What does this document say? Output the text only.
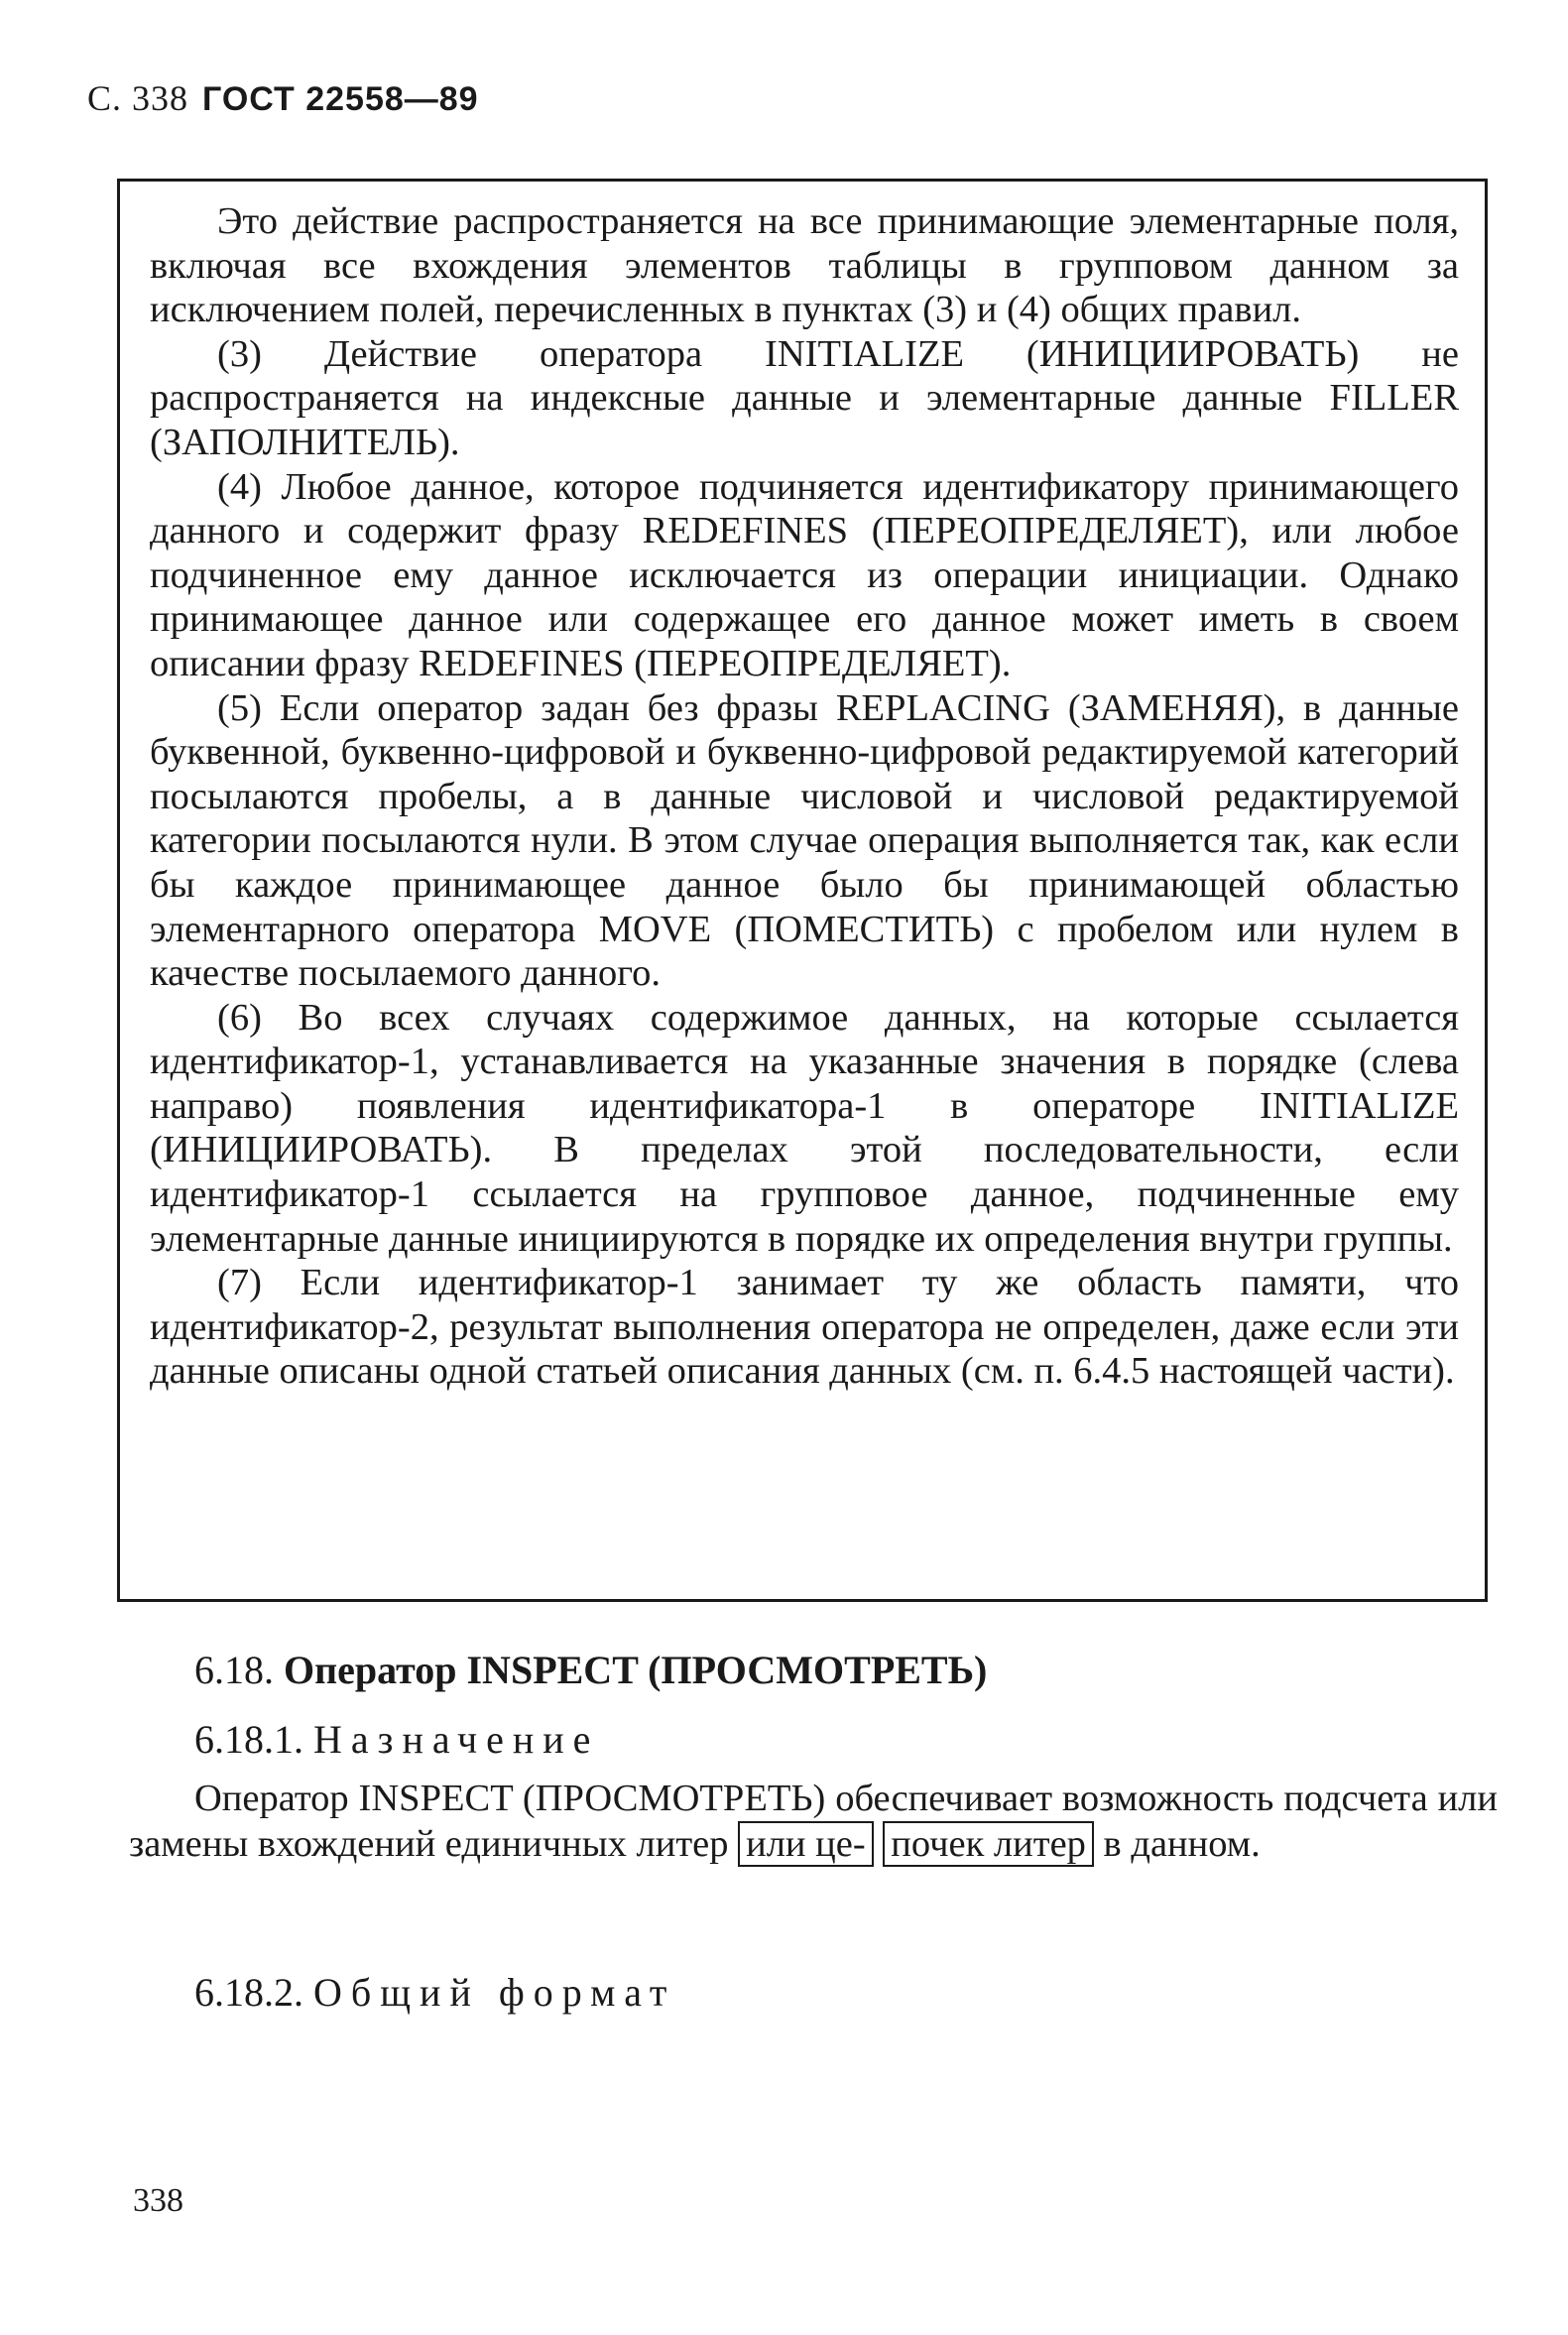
С. 338 ГОСТ 22558—89

Это действие распространяется на все принимающие элементарные поля, включая все вхождения элементов таблицы в групповом данном за исключением полей, перечисленных в пунктах (3) и (4) общих правил.

(3) Действие оператора INITIALIZE (ИНИЦИИРОВАТЬ) не распространяется на индексные данные и элементарные данные FILLER (ЗАПОЛНИТЕЛЬ).

(4) Любое данное, которое подчиняется идентификатору принимающего данного и содержит фразу REDEFINES (ПЕРЕОПРЕДЕЛЯЕТ), или любое подчиненное ему данное исключается из операции инициации. Однако принимающее данное или содержащее его данное может иметь в своем описании фразу REDEFINES (ПЕРЕОПРЕДЕЛЯЕТ).

(5) Если оператор задан без фразы REPLACING (ЗАМЕНЯЯ), в данные буквенной, буквенно-цифровой и буквенно-цифровой редактируемой категорий посылаются пробелы, а в данные числовой и числовой редактируемой категории посылаются нули. В этом случае операция выполняется так, как если бы каждое принимающее данное было бы принимающей областью элементарного оператора MOVE (ПОМЕСТИТЬ) с пробелом или нулем в качестве посылаемого данного.

(6) Во всех случаях содержимое данных, на которые ссылается идентификатор-1, устанавливается на указанные значения в порядке (слева направо) появления идентификатора-1 в операторе INITIALIZE (ИНИЦИИРОВАТЬ). В пределах этой последовательности, если идентификатор-1 ссылается на групповое данное, подчиненные ему элементарные данные инициируются в порядке их определения внутри группы.

(7) Если идентификатор-1 занимает ту же область памяти, что идентификатор-2, результат выполнения оператора не определен, даже если эти данные описаны одной статьей описания данных (см. п. 6.4.5 настоящей части).

6.18. Оператор INSPECT (ПРОСМОТРЕТЬ)
6.18.1. Назначение

Оператор INSPECT (ПРОСМОТРЕТЬ) обеспечивает возможность подсчета или замены вхождений единичных литер или це- почек литер в данном.

6.18.2. Общий формат
338
